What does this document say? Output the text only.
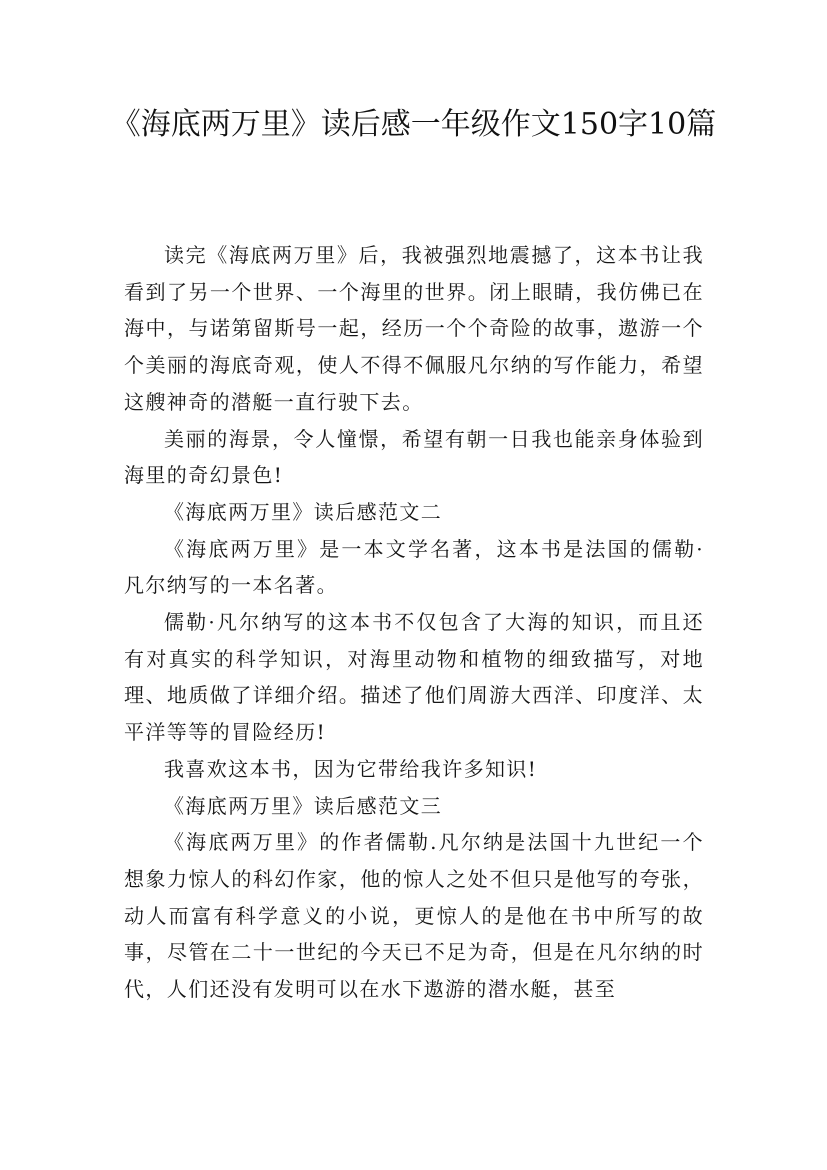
《海底两万里》读后感一年级作文150字10篇

读完《海底两万里》后，我被强烈地震撼了，这本书让我看到了另一个世界、一个海里的世界。闭上眼睛，我仿佛已在海中，与诺第留斯号一起，经历一个个奇险的故事，遨游一个个美丽的海底奇观，使人不得不佩服凡尔纳的写作能力，希望这艘神奇的潜艇一直行驶下去。

美丽的海景，令人憧憬，希望有朝一日我也能亲身体验到海里的奇幻景色!

《海底两万里》读后感范文二

《海底两万里》是一本文学名著，这本书是法国的儒勒·凡尔纳写的一本名著。

儒勒·凡尔纳写的这本书不仅包含了大海的知识，而且还有对真实的科学知识，对海里动物和植物的细致描写，对地理、地质做了详细介绍。描述了他们周游大西洋、印度洋、太平洋等等的冒险经历!

我喜欢这本书，因为它带给我许多知识!

《海底两万里》读后感范文三

《海底两万里》的作者儒勒.凡尔纳是法国十九世纪一个想象力惊人的科幻作家，他的惊人之处不但只是他写的夸张，动人而富有科学意义的小说，更惊人的是他在书中所写的故事，尽管在二十一世纪的今天已不足为奇，但是在凡尔纳的时代，人们还没有发明可以在水下遨游的潜水艇，甚至
